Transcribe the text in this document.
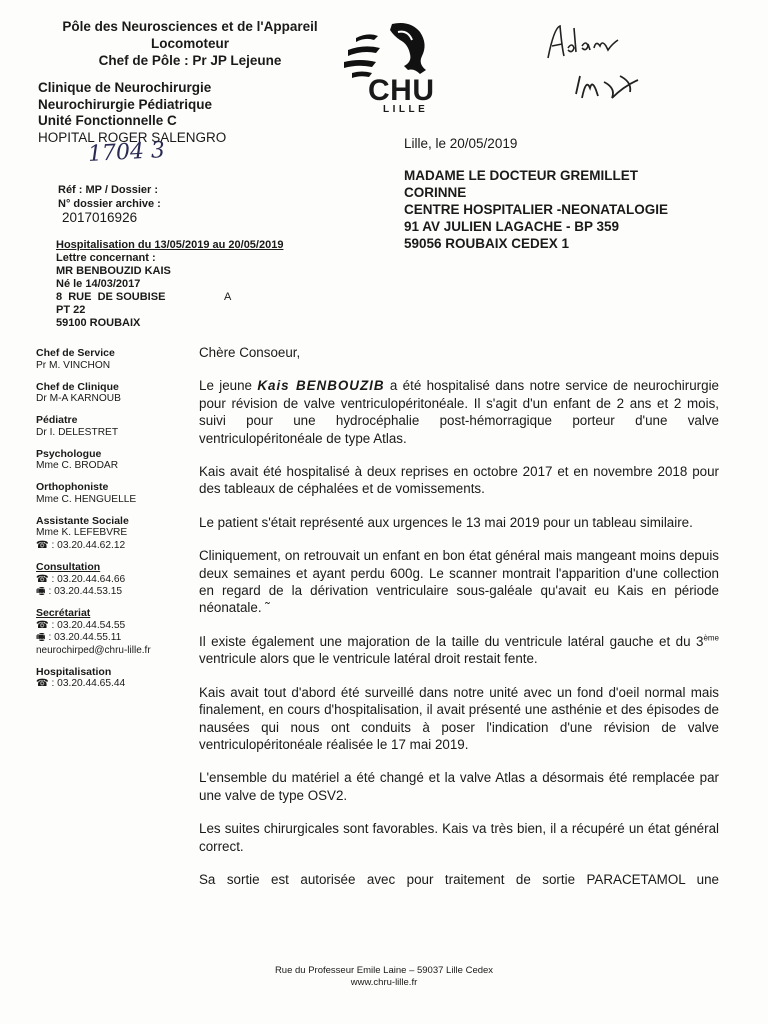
Pôle des Neurosciences et de l'Appareil
Locomoteur
Chef de Pôle : Pr JP Lejeune
Clinique de Neurochirurgie
Neurochirurgie Pédiatrique
Unité Fonctionnelle C
HOPITAL ROGER SALENGRO
1704 3
CHU
LILLE
Réf : MP / Dossier :
N° dossier archive :
2017016926
Hospitalisation du 13/05/2019 au 20/05/2019
Lettre concernant :
MR BENBOUZID KAIS
Né le 14/03/2017
8  RUE  DE SOUBISE
PT 22
59100 ROUBAIX
A
Lille, le 20/05/2019
MADAME LE DOCTEUR GREMILLET
CORINNE
CENTRE HOSPITALIER -NEONATALOGIE
91 AV JULIEN LAGACHE - BP 359
59056 ROUBAIX CEDEX 1
Chef de Service
Pr M. VINCHON
Chef de Clinique
Dr M-A KARNOUB
Pédiatre
Dr I. DELESTRET
Psychologue
Mme C. BRODAR
Orthophoniste
Mme C. HENGUELLE
Assistante Sociale
Mme K. LEFEBVRE
☎ : 03.20.44.62.12
Consultation
☎ : 03.20.44.64.66
🖷 : 03.20.44.53.15
Secrétariat
☎ : 03.20.44.54.55
🖷 : 03.20.44.55.11
neurochirped@chru-lille.fr
Hospitalisation
☎ : 03.20.44.65.44

Chère Consoeur,

Le jeune Kais BENBOUZIB a été hospitalisé dans notre service de neurochirurgie pour révision de valve ventriculopéritonéale. Il s'agit d'un enfant de 2 ans et 2 mois, suivi pour une hydrocéphalie post-hémorragique porteur d'une valve ventriculopéritonéale de type Atlas.

Kais avait été hospitalisé à deux reprises en octobre 2017 et en novembre 2018 pour des tableaux de céphalées et de vomissements.

Le patient s'était représenté aux urgences le 13 mai 2019 pour un tableau similaire.

Cliniquement, on retrouvait un enfant en bon état général mais mangeant moins depuis deux semaines et ayant perdu 600g. Le scanner montrait l'apparition d'une collection en regard de la dérivation ventriculaire sous-galéale qu'avait eu Kais en période néonatale. ˜

Il existe également une majoration de la taille du ventricule latéral gauche et du 3ème ventricule alors que le ventricule latéral droit restait fente.

Kais avait tout d'abord été surveillé dans notre unité avec un fond d'oeil normal mais finalement, en cours d'hospitalisation, il avait présenté une asthénie et des épisodes de nausées qui nous ont conduits à poser l'indication d'une révision de valve ventriculopéritonéale réalisée le 17 mai 2019.

L'ensemble du matériel a été changé et la valve Atlas a désormais été remplacée par une valve de type OSV2.

Les suites chirurgicales sont favorables. Kais va très bien, il a récupéré un état général correct.

Sa sortie est autorisée avec pour traitement de sortie PARACETAMOL une

Rue du Professeur Emile Laine – 59037 Lille Cedex
www.chru-lille.fr
